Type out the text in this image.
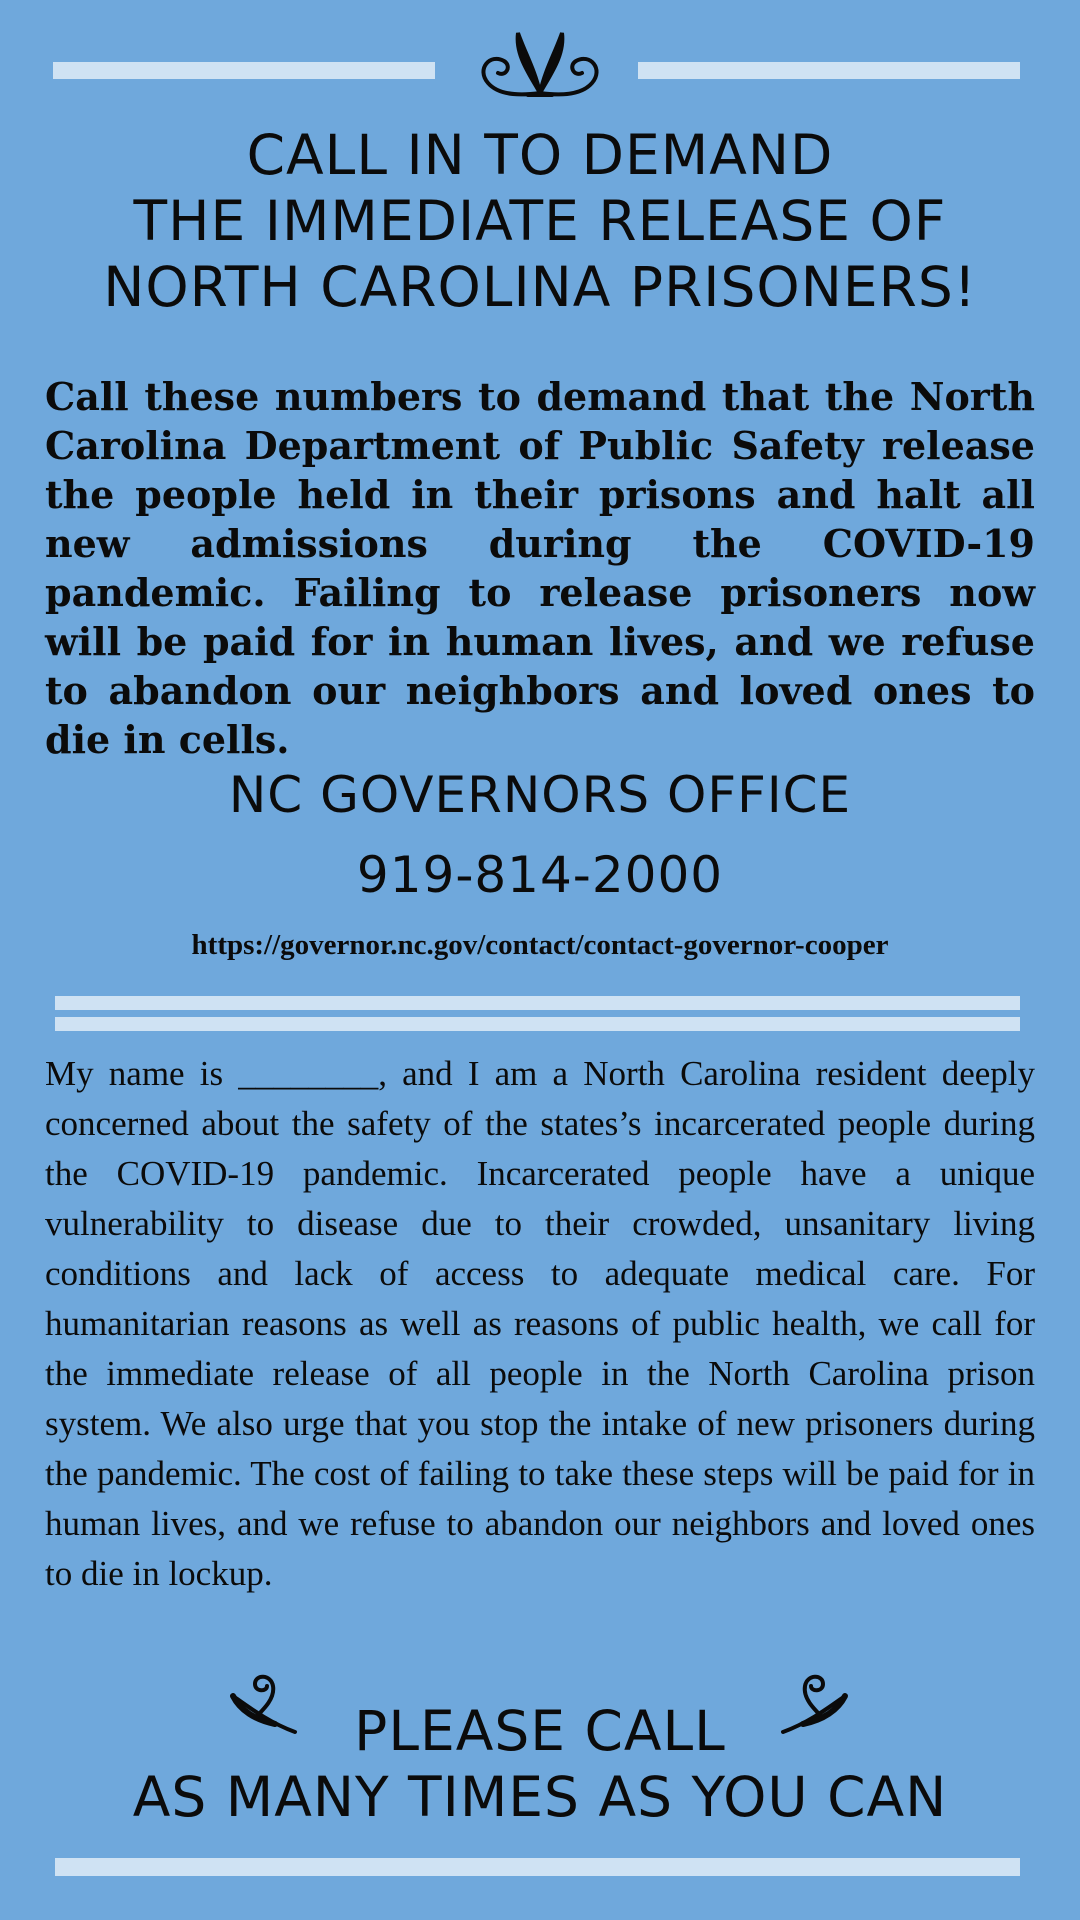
CALL IN TO DEMAND
THE IMMEDIATE RELEASE OF
NORTH CAROLINA PRISONERS!

Call these numbers to demand that the North Carolina Department of Public Safety release the people held in their prisons and halt all new admissions during the COVID-19 pandemic. Failing to release prisoners now will be paid for in human lives, and we refuse to abandon our neighbors and loved ones to die in cells.

NC GOVERNORS OFFICE
919-814-2000

https://governor.nc.gov/contact/contact-governor-cooper

My name is ________, and I am a North Carolina resident deeply concerned about the safety of the states’s incarcerated people during the COVID-19 pandemic. Incarcerated people have a unique vulnerability to disease due to their crowded, unsanitary living conditions and lack of access to adequate medical care. For humanitarian reasons as well as reasons of public health, we call for the immediate release of all people in the North Carolina prison system. We also urge that you stop the intake of new prisoners during the pandemic. The cost of failing to take these steps will be paid for in human lives, and we refuse to abandon our neighbors and loved ones to die in lockup.

PLEASE CALL
AS MANY TIMES AS YOU CAN
